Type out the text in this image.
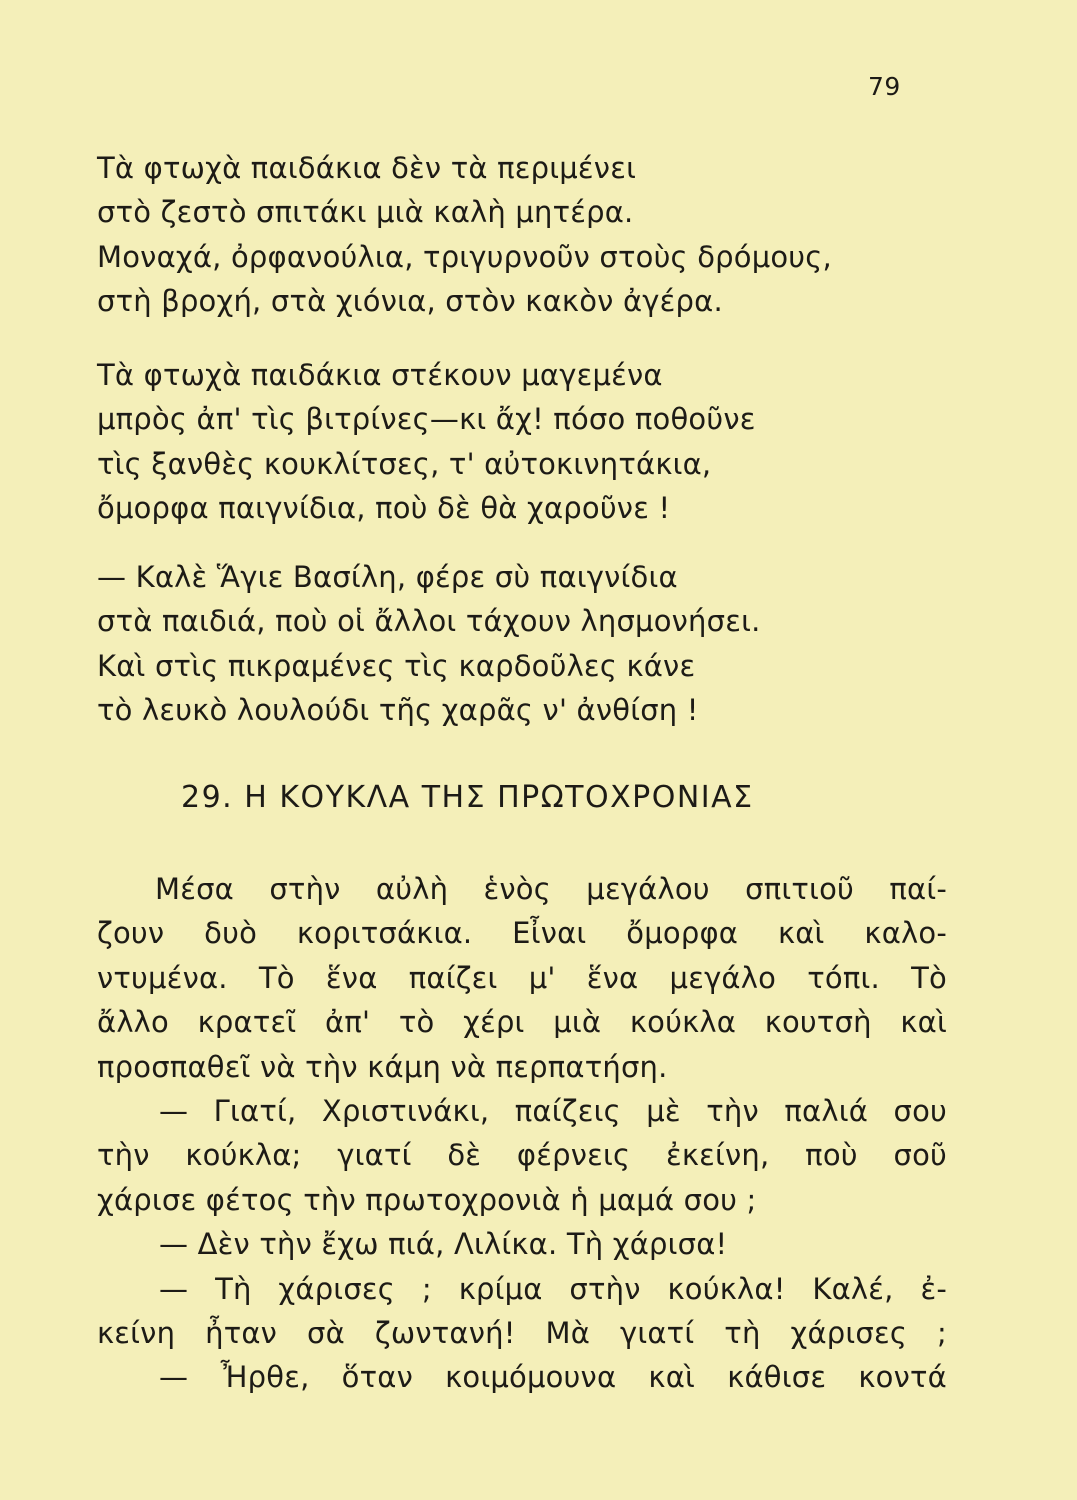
79
Τὰ φτωχὰ παιδάκια δὲν τὰ περιμένει
στὸ ζεστὸ σπιτάκι μιὰ καλὴ μητέρα.
Μοναχά, ὀρφανούλια, τριγυρνοῦν στοὺς δρόμους,
στὴ βροχή, στὰ χιόνια, στὸν κακὸν ἀγέρα.
Τὰ φτωχὰ παιδάκια στέκουν μαγεμένα
μπρὸς ἀπ' τὶς βιτρίνες—κι ἄχ! πόσο ποθοῦνε
τὶς ξανθὲς κουκλίτσες, τ' αὐτοκινητάκια,
ὄμορφα παιγνίδια, ποὺ δὲ θὰ χαροῦνε !
— Καλὲ Ἅγιε Βασίλη, φέρε σὺ παιγνίδια
στὰ παιδιά, ποὺ οἱ ἄλλοι τάχουν λησμονήσει.
Καὶ στὶς πικραμένες τὶς καρδοῦλες κάνε
τὸ λευκὸ λουλούδι τῆς χαρᾶς ν' ἀνθίση !
29. Η ΚΟΥΚΛΑ ΤΗΣ ΠΡΩΤΟΧΡΟΝΙΑΣ
Μέσα στὴν αὐλὴ ἑνὸς μεγάλου σπιτιοῦ παί-
ζουν δυὸ κοριτσάκια. Εἶναι ὄμορφα καὶ καλο-
ντυμένα. Τὸ ἕνα παίζει μ' ἕνα μεγάλο τόπι. Τὸ
ἄλλο κρατεῖ ἀπ' τὸ χέρι μιὰ κούκλα κουτσὴ καὶ
προσπαθεῖ νὰ τὴν κάμη νὰ περπατήση.
— Γιατί, Χριστινάκι, παίζεις μὲ τὴν παλιά σου
τὴν κούκλα; γιατί δὲ φέρνεις ἐκείνη, ποὺ σοῦ
χάρισε φέτος τὴν πρωτοχρονιὰ ἡ μαμά σου ;
— Δὲν τὴν ἔχω πιά, Λιλίκα. Τὴ χάρισα!
— Τὴ χάρισες ; κρίμα στὴν κούκλα! Καλέ, ἐ-
κείνη ἦταν σὰ ζωντανή! Μὰ γιατί τὴ χάρισες ;
— Ἦρθε, ὅταν κοιμόμουνα καὶ κάθισε κοντά
